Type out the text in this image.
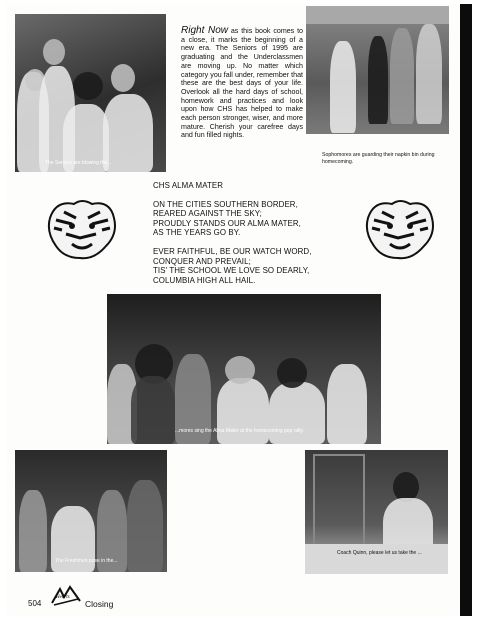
The Seniors are blowing the...
Right Now as this book comes to a close, it marks the beginning of a new era. The Seniors of 1995 are graduating and the Underclassmen are moving up. No matter which category you fall under, remember that these are the best days of your life. Overlook all the hard days of school, homework and practices and look upon how CHS has helped to make each person stronger, wiser, and more mature. Cherish your carefree days and fun filled nights.
Sophomores are guarding their napkin bin during homecoming.
CHS ALMA MATER
ON THE CITIES SOUTHERN BORDER,
REARED AGAINST THE SKY;
PROUDLY STANDS OUR ALMA MATER,
AS THE YEARS GO BY.
EVER FAITHFUL, BE OUR WATCH WORD,
CONQUER AND PREVAIL;
TIS' THE SCHOOL WE LOVE SO DEARLY,
COLUMBIA HIGH ALL HAIL.
...mores sing the Alma Mater at the homecoming pep rally.
The Freshmen pose in the...
Coach Quinn, please let us take the ...
504
Hearts
Closing
